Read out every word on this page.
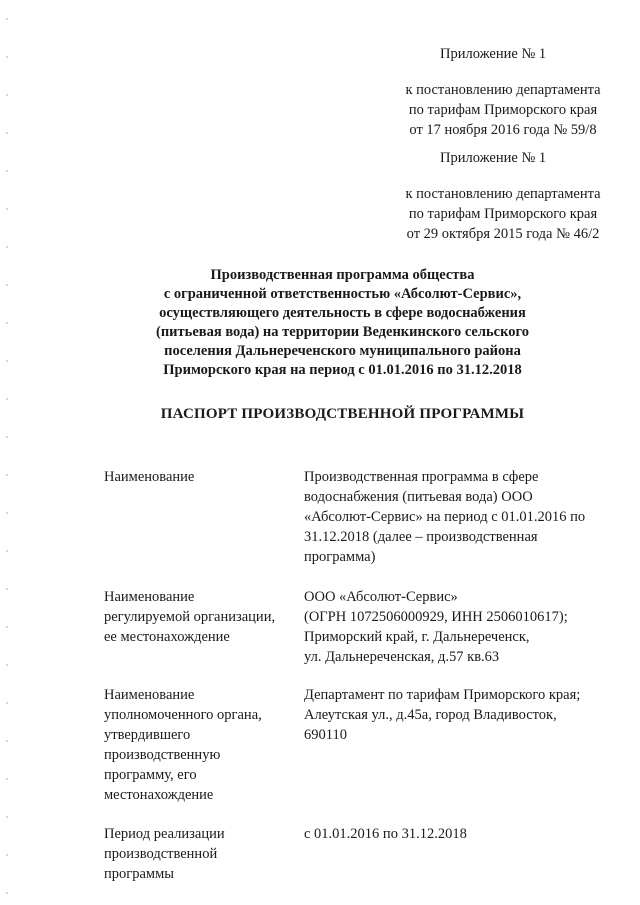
Приложение № 1
к постановлению департамента
по тарифам Приморского края
от 17 ноября 2016 года № 59/8
Приложение № 1
к постановлению департамента
по тарифам Приморского края
от 29 октября 2015 года № 46/2
Производственная программа общества
с ограниченной ответственностью «Абсолют-Сервис»,
осуществляющего деятельность в сфере водоснабжения
(питьевая вода) на территории Веденкинского сельского
поселения Дальнереченского муниципального района
Приморского края на период с 01.01.2016 по 31.12.2018
ПАСПОРТ ПРОИЗВОДСТВЕННОЙ ПРОГРАММЫ
Наименование	Производственная программа в сфере
водоснабжения (питьевая вода) ООО
«Абсолют-Сервис» на период с 01.01.2016 по
31.12.2018 (далее – производственная
программа)
Наименование
регулируемой организации,
ее местонахождение
ООО «Абсолют-Сервис»
(ОГРН 1072506000929, ИНН 2506010617);
Приморский край, г. Дальнереченск,
ул. Дальнереченская, д.57 кв.63
Наименование
уполномоченного органа,
утвердившего
производственную
программу, его
местонахождение
Департамент по тарифам Приморского края;
Алеутская ул., д.45а, город Владивосток,
690110
Период реализации
производственной
программы
с 01.01.2016 по 31.12.2018
